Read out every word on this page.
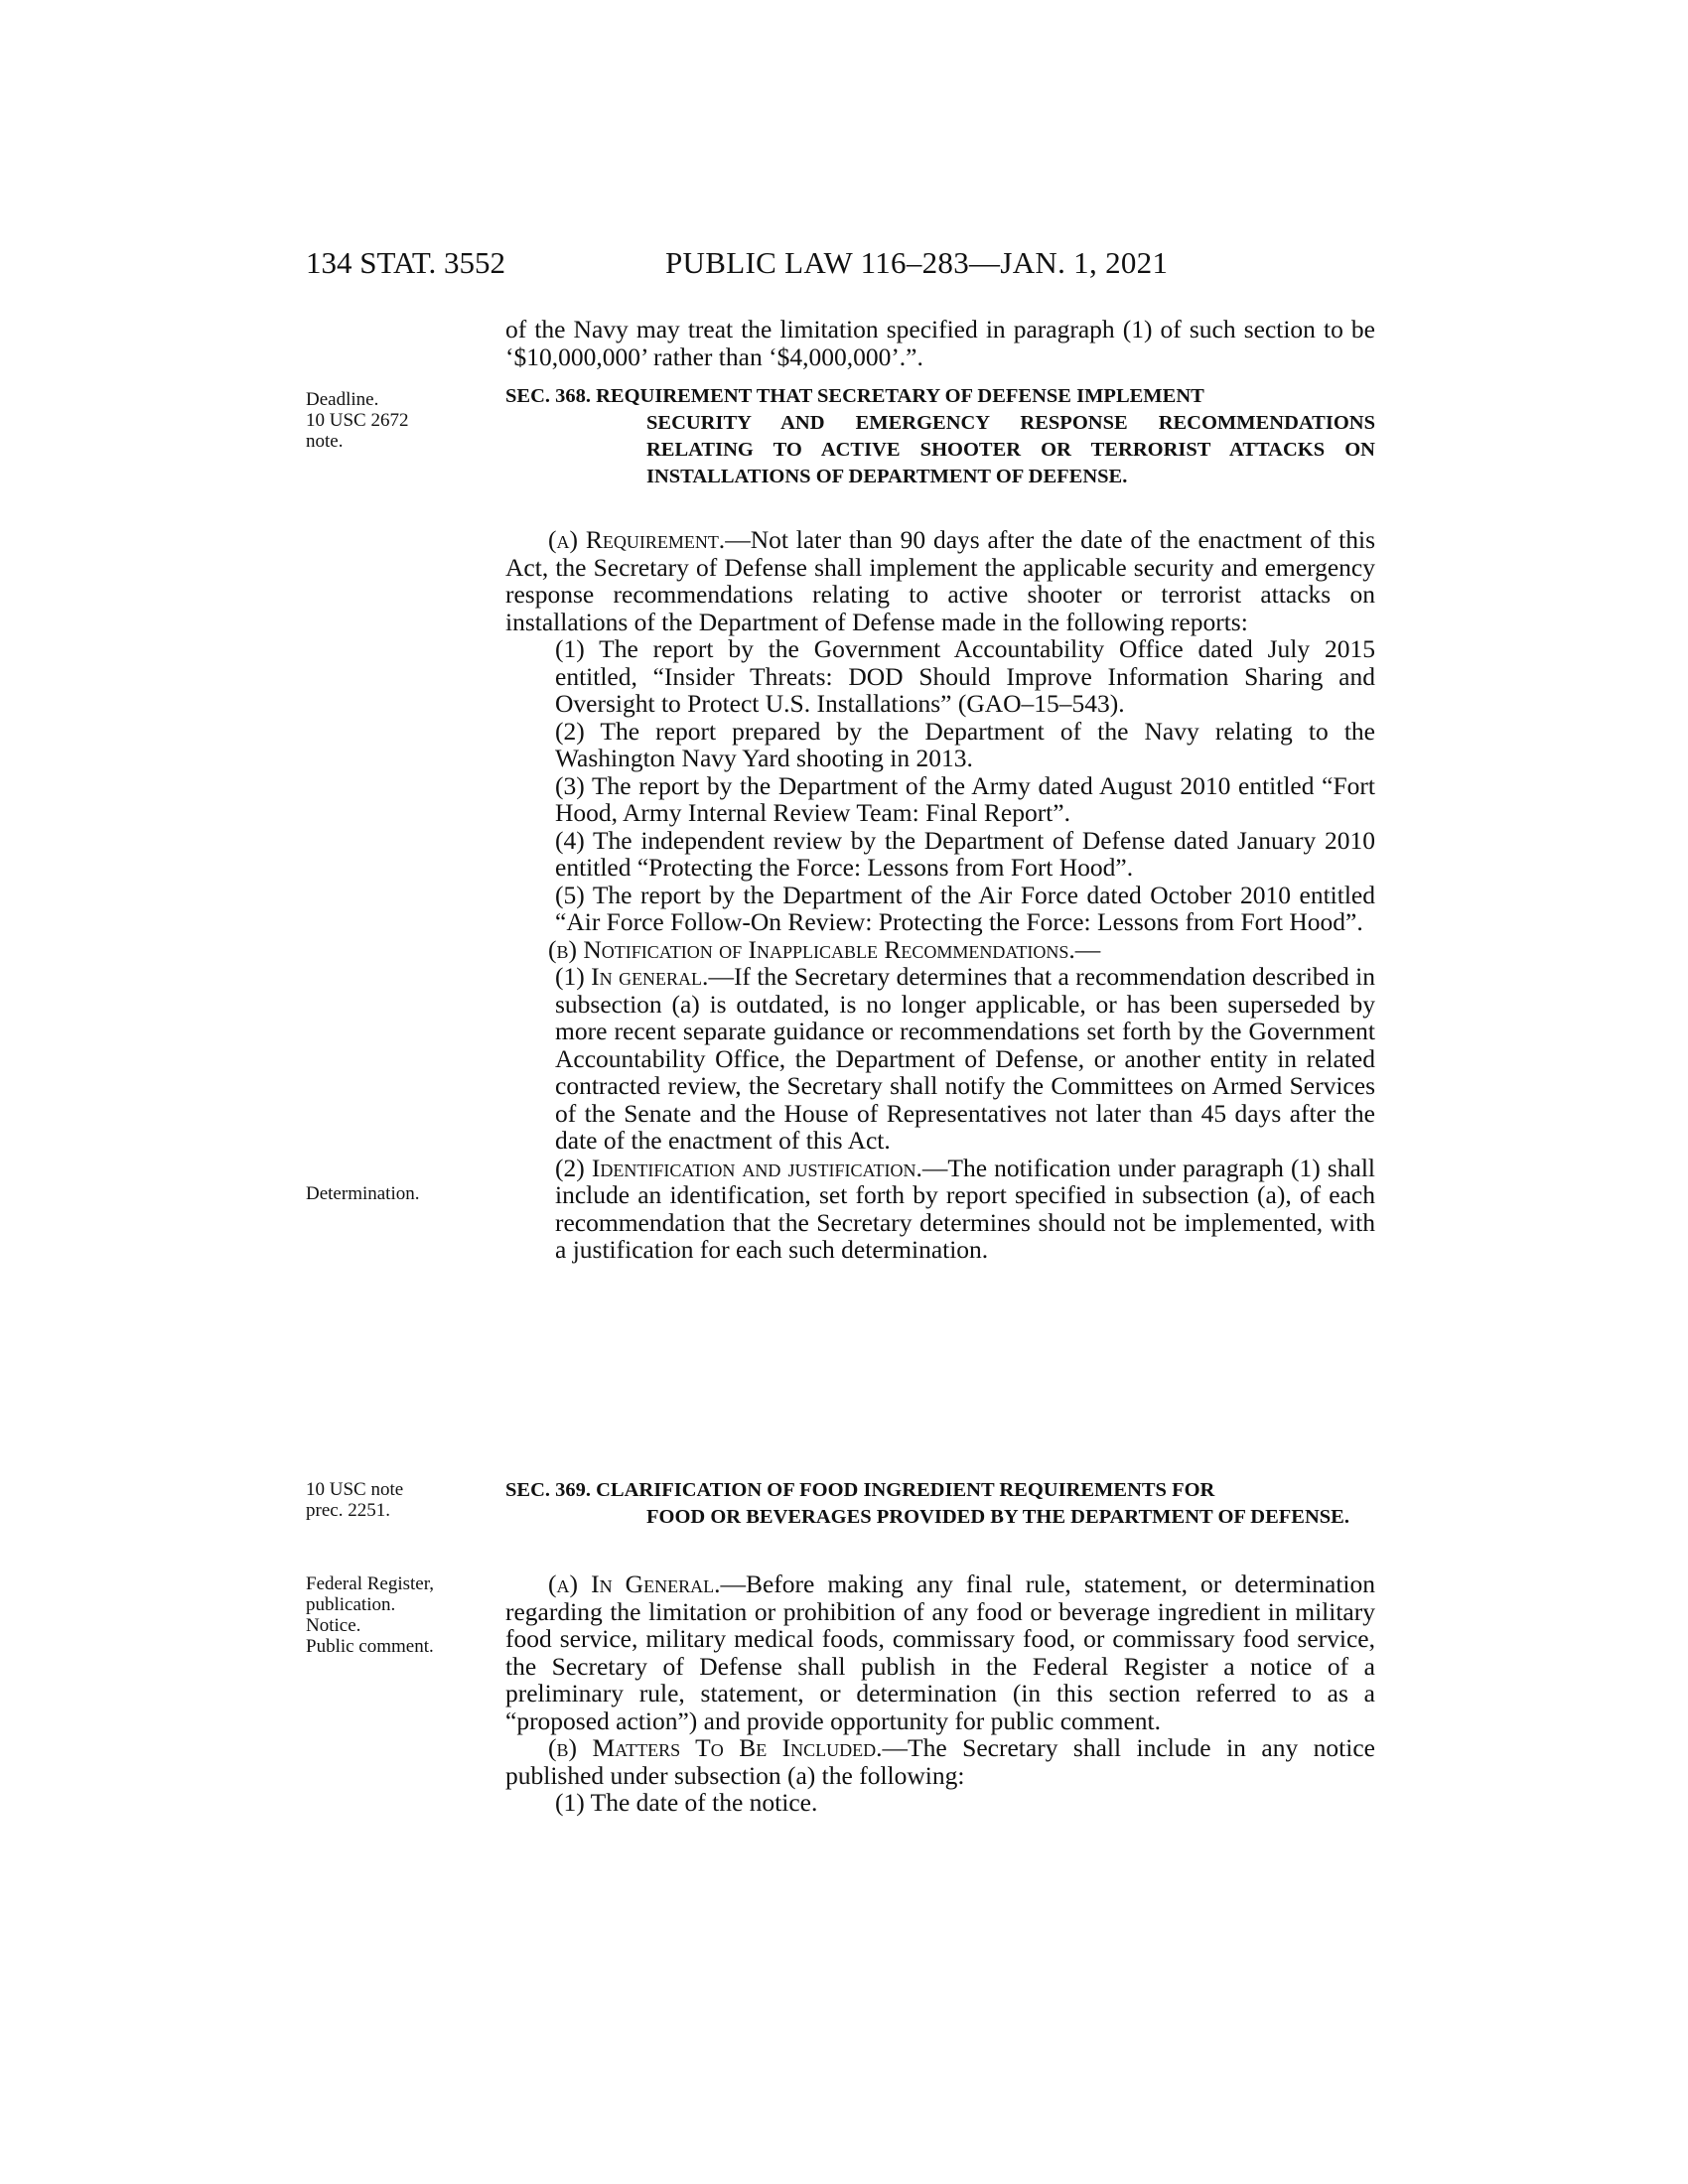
134 STAT. 3552	PUBLIC LAW 116–283—JAN. 1, 2021
Deadline.
10 USC 2672
note.
Determination.
10 USC note
prec. 2251.
Federal Register,
publication.
Notice.
Public comment.

of the Navy may treat the limitation specified in paragraph (1) of such section to be ‘$10,000,000’ rather than ‘$4,000,000’.”.

SEC. 368. REQUIREMENT THAT SECRETARY OF DEFENSE IMPLEMENT
SECURITY AND EMERGENCY RESPONSE RECOMMENDATIONS RELATING TO ACTIVE SHOOTER OR TERRORIST ATTACKS ON INSTALLATIONS OF DEPARTMENT OF DEFENSE.

(a) Requirement.—Not later than 90 days after the date of the enactment of this Act, the Secretary of Defense shall implement the applicable security and emergency response recommendations relating to active shooter or terrorist attacks on installations of the Department of Defense made in the following reports:

(1) The report by the Government Accountability Office dated July 2015 entitled, “Insider Threats: DOD Should Improve Information Sharing and Oversight to Protect U.S. Installations” (GAO–15–543).

(2) The report prepared by the Department of the Navy relating to the Washington Navy Yard shooting in 2013.

(3) The report by the Department of the Army dated August 2010 entitled “Fort Hood, Army Internal Review Team: Final Report”.

(4) The independent review by the Department of Defense dated January 2010 entitled “Protecting the Force: Lessons from Fort Hood”.

(5) The report by the Department of the Air Force dated October 2010 entitled “Air Force Follow-On Review: Protecting the Force: Lessons from Fort Hood”.

(b) Notification of Inapplicable Recommendations.—

(1) In general.—If the Secretary determines that a recommendation described in subsection (a) is outdated, is no longer applicable, or has been superseded by more recent separate guidance or recommendations set forth by the Government Accountability Office, the Department of Defense, or another entity in related contracted review, the Secretary shall notify the Committees on Armed Services of the Senate and the House of Representatives not later than 45 days after the date of the enactment of this Act.

(2) Identification and justification.—The notification under paragraph (1) shall include an identification, set forth by report specified in subsection (a), of each recommendation that the Secretary determines should not be implemented, with a justification for each such determination.

SEC. 369. CLARIFICATION OF FOOD INGREDIENT REQUIREMENTS FOR
FOOD OR BEVERAGES PROVIDED BY THE DEPARTMENT OF DEFENSE.

(a) In General.—Before making any final rule, statement, or determination regarding the limitation or prohibition of any food or beverage ingredient in military food service, military medical foods, commissary food, or commissary food service, the Secretary of Defense shall publish in the Federal Register a notice of a preliminary rule, statement, or determination (in this section referred to as a “proposed action”) and provide opportunity for public comment.

(b) Matters To Be Included.—The Secretary shall include in any notice published under subsection (a) the following:

(1) The date of the notice.
